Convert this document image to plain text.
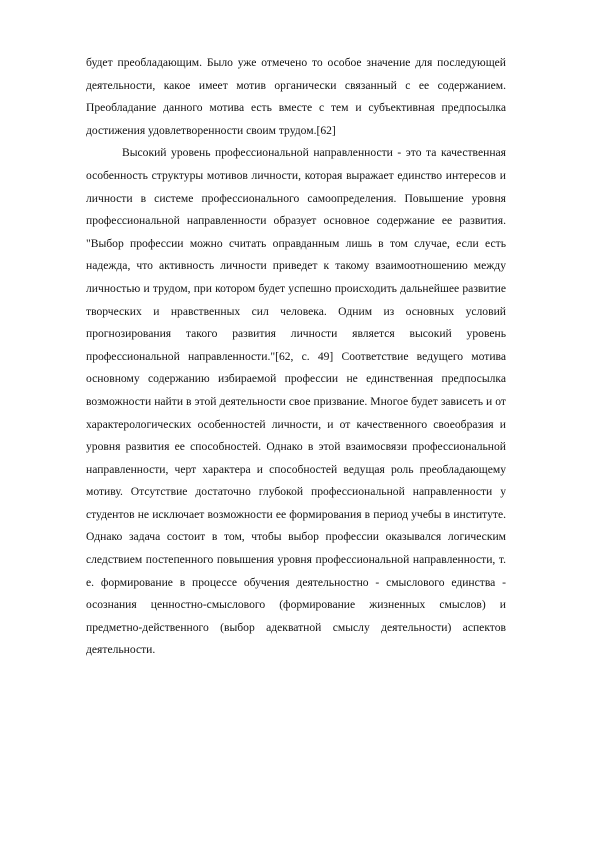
будет преобладающим. Было уже отмечено то особое значение для последующей деятельности, какое имеет мотив органически связанный с ее содержанием. Преобладание данного мотива есть вместе с тем и субъективная предпосылка достижения удовлетворенности своим трудом.[62]

Высокий уровень профессиональной направленности - это та качественная особенность структуры мотивов личности, которая выражает единство интересов и личности в системе профессионального самоопределения. Повышение уровня профессиональной направленности образует основное содержание ее развития. "Выбор профессии можно считать оправданным лишь в том случае, если есть надежда, что активность личности приведет к такому взаимоотношению между личностью и трудом, при котором будет успешно происходить дальнейшее развитие творческих и нравственных сил человека. Одним из основных условий прогнозирования такого развития личности является высокий уровень профессиональной направленности."[62, с. 49] Соответствие ведущего мотива основному содержанию избираемой профессии не единственная предпосылка возможности найти в этой деятельности свое призвание. Многое будет зависеть и от характерологических особенностей личности, и от качественного своеобразия и уровня развития ее способностей. Однако в этой взаимосвязи профессиональной направленности, черт характера и способностей ведущая роль преобладающему мотиву. Отсутствие достаточно глубокой профессиональной направленности у студентов не исключает возможности ее формирования в период учебы в институте. Однако задача состоит в том, чтобы выбор профессии оказывался логическим следствием постепенного повышения уровня профессиональной направленности, т. е. формирование в процессе обучения деятельностно - смыслового единства - осознания ценностно-смыслового (формирование жизненных смыслов) и предметно-действенного (выбор адекватной смыслу деятельности) аспектов деятельности.
